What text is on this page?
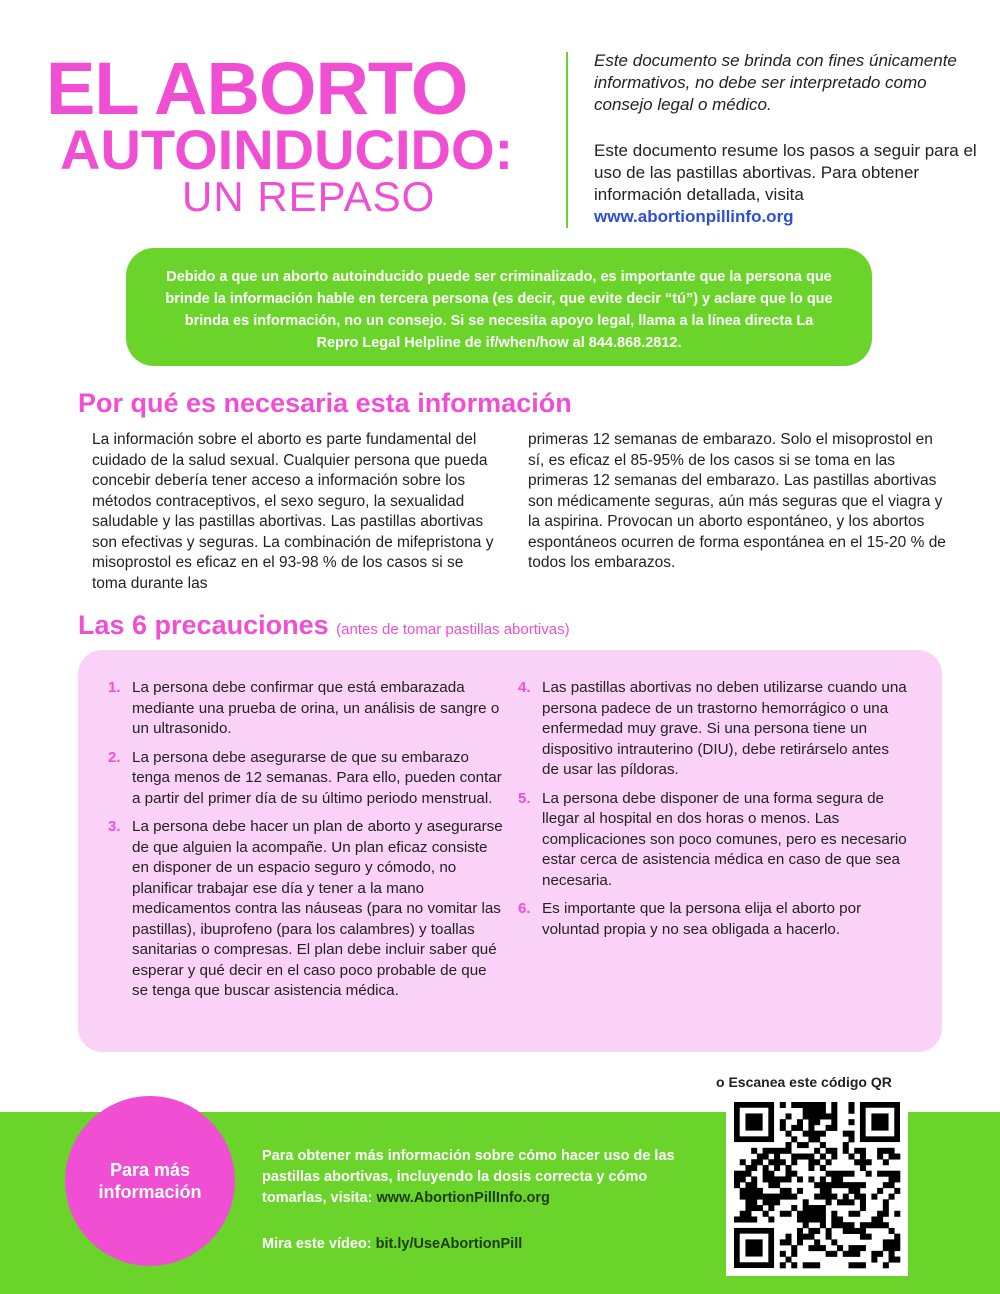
EL ABORTO
AUTOINDUCIDO:
UN REPASO
Este documento se brinda con fines únicamente informativos, no debe ser interpretado como consejo legal o médico.
Este documento resume los pasos a seguir para el uso de las pastillas abortivas. Para obtener información detallada, visita www.abortionpillinfo.org
Debido a que un aborto autoinducido puede ser criminalizado, es importante que la persona que brinde la información hable en tercera persona (es decir, que evite decir “tú”) y aclare que lo que brinda es información, no un consejo. Si se necesita apoyo legal, llama a la línea directa La Repro Legal Helpline de if/when/how al 844.868.2812.
Por qué es necesaria esta información
La información sobre el aborto es parte fundamental del cuidado de la salud sexual. Cualquier persona que pueda concebir debería tener acceso a información sobre los métodos contraceptivos, el sexo seguro, la sexualidad saludable y las pastillas abortivas. Las pastillas abortivas son efectivas y seguras. La combinación de mifepristona y misoprostol es eficaz en el 93-98 % de los casos si se toma durante las
primeras 12 semanas de embarazo. Solo el misoprostol en sí, es eficaz el 85-95% de los casos si se toma en las primeras 12 semanas del embarazo. Las pastillas abortivas son médicamente seguras, aún más seguras que el viagra y la aspirina. Provocan un aborto espontáneo, y los abortos espontáneos ocurren de forma espontánea en el 15-20 % de todos los embarazos.
Las 6 precauciones (antes de tomar pastillas abortivas)
1. La persona debe confirmar que está embarazada mediante una prueba de orina, un análisis de sangre o un ultrasonido.
2. La persona debe asegurarse de que su embarazo tenga menos de 12 semanas. Para ello, pueden contar a partir del primer día de su último periodo menstrual.
3. La persona debe hacer un plan de aborto y asegurarse de que alguien la acompañe. Un plan eficaz consiste en disponer de un espacio seguro y cómodo, no planificar trabajar ese día y tener a la mano medicamentos contra las náuseas (para no vomitar las pastillas), ibuprofeno (para los calambres) y toallas sanitarias o compresas. El plan debe incluir saber qué esperar y qué decir en el caso poco probable de que se tenga que buscar asistencia médica.
4. Las pastillas abortivas no deben utilizarse cuando una persona padece de un trastorno hemorrágico o una enfermedad muy grave. Si una persona tiene un dispositivo intrauterino (DIU), debe retirárselo antes de usar las píldoras.
5. La persona debe disponer de una forma segura de llegar al hospital en dos horas o menos. Las complicaciones son poco comunes, pero es necesario estar cerca de asistencia médica en caso de que sea necesaria.
6. Es importante que la persona elija el aborto por voluntad propia y no sea obligada a hacerlo.
o Escanea este código QR
Para más
información
Para obtener más información sobre cómo hacer uso de las pastillas abortivas, incluyendo la dosis correcta y cómo tomarlas, visita: www.AbortionPillInfo.org
Mira este vídeo: bit.ly/UseAbortionPill
